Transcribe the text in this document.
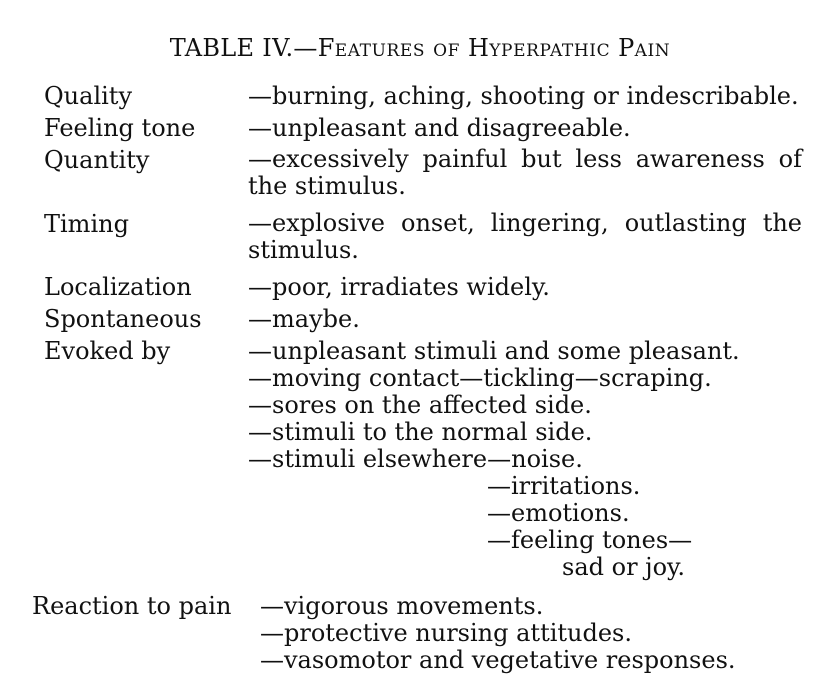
TABLE IV.—FEATURES OF HYPERPATHIC PAIN
Quality	—burning, aching, shooting or indescribable.
Feeling tone —unpleasant and disagreeable.
Quantity	—excessively painful but less awareness of the stimulus.
Timing	—explosive onset, lingering, outlasting the stimulus.
Localization —poor, irradiates widely.
Spontaneous —maybe.
Evoked by	—unpleasant stimuli and some pleasant.
—moving contact—tickling—scraping.
—sores on the affected side.
—stimuli to the normal side.
—stimuli elsewhere—noise.
—irritations.
—emotions.
—feeling tones—
sad or joy.
Reaction to pain —vigorous movements.
—protective nursing attitudes.
—vasomotor and vegetative responses.
